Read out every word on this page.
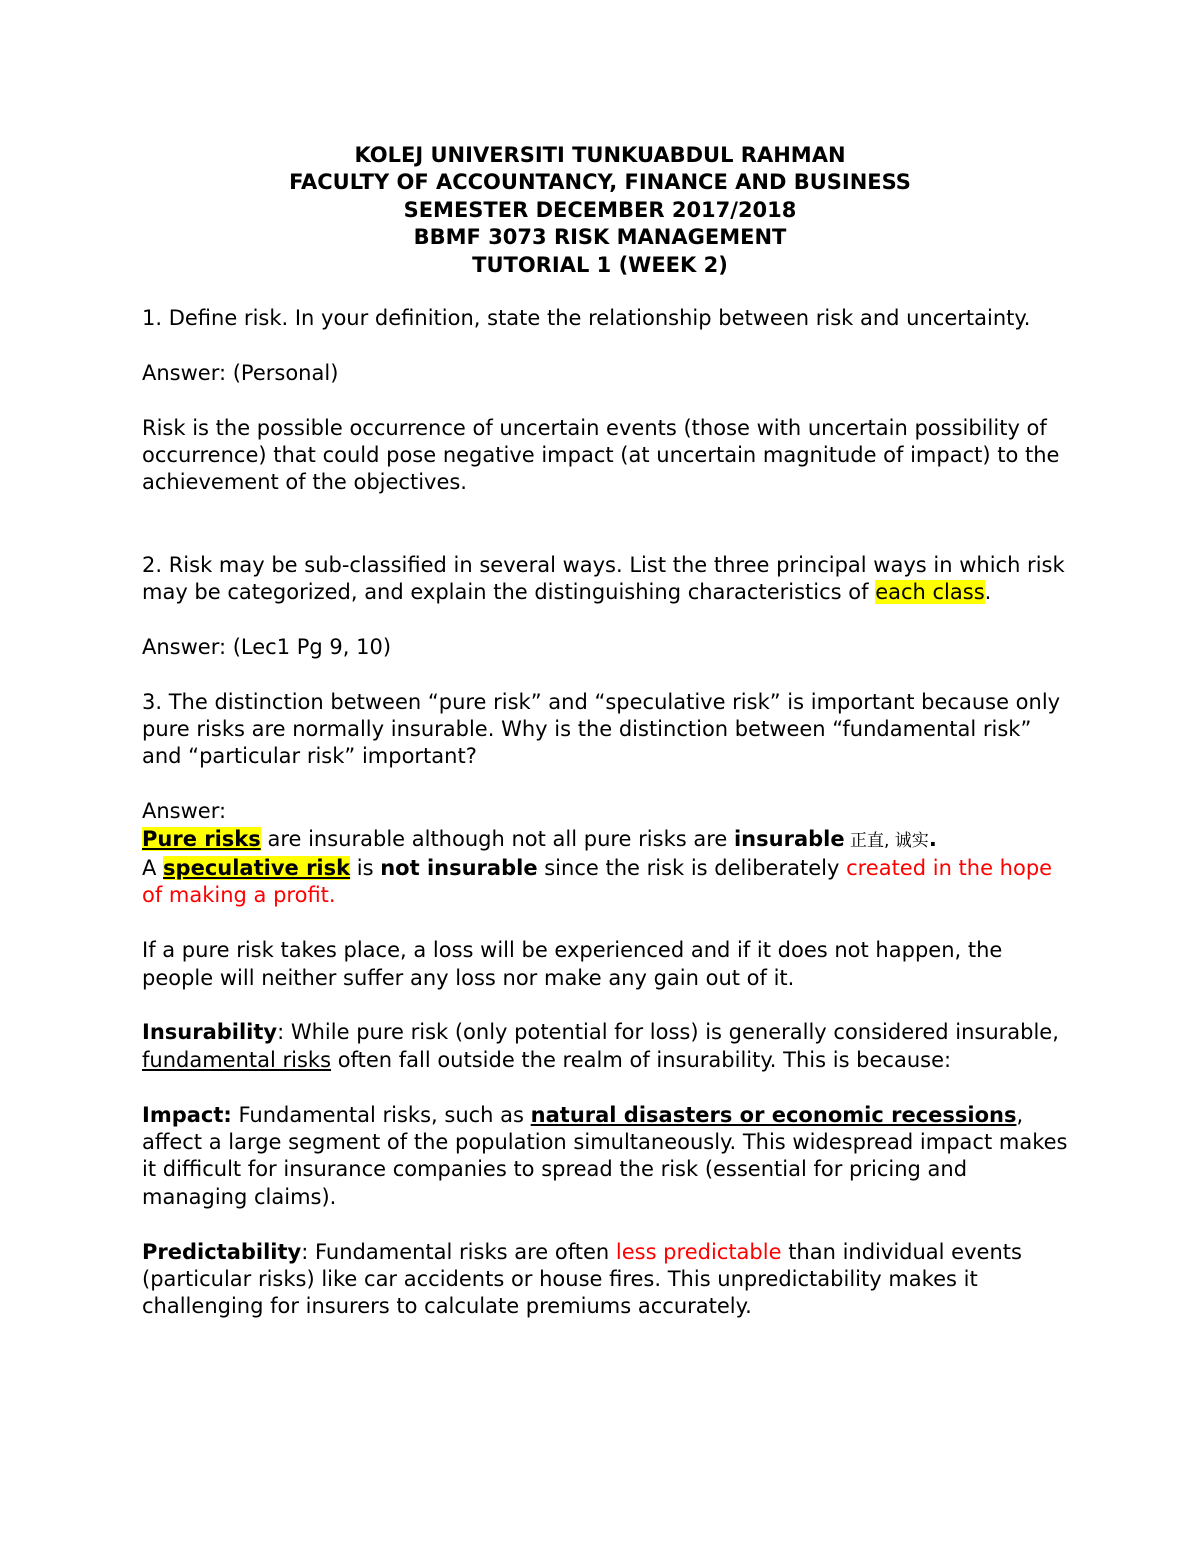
KOLEJ UNIVERSITI TUNKUABDUL RAHMAN
FACULTY OF ACCOUNTANCY, FINANCE AND BUSINESS
SEMESTER DECEMBER 2017/2018
BBMF 3073 RISK MANAGEMENT
TUTORIAL 1 (WEEK 2)

1. Define risk. In your definition, state the relationship between risk and uncertainty.

Answer: (Personal)

Risk is the possible occurrence of uncertain events (those with uncertain possibility of occurrence) that could pose negative impact (at uncertain magnitude of impact) to the achievement of the objectives.

2. Risk may be sub-classified in several ways. List the three principal ways in which risk may be categorized, and explain the distinguishing characteristics of each class.

Answer: (Lec1 Pg 9, 10)

3. The distinction between “pure risk” and “speculative risk” is important because only pure risks are normally insurable. Why is the distinction between “fundamental risk” and “particular risk” important?

Answer:

Pure risks are insurable although not all pure risks are insurable 正直, 诚实.

A speculative risk is not insurable since the risk is deliberately created in the hope of making a profit.

If a pure risk takes place, a loss will be experienced and if it does not happen, the people will neither suffer any loss nor make any gain out of it.

Insurability: While pure risk (only potential for loss) is generally considered insurable, fundamental risks often fall outside the realm of insurability. This is because:

Impact: Fundamental risks, such as natural disasters or economic recessions, affect a large segment of the population simultaneously. This widespread impact makes it difficult for insurance companies to spread the risk (essential for pricing and managing claims).

Predictability: Fundamental risks are often less predictable than individual events (particular risks) like car accidents or house fires. This unpredictability makes it challenging for insurers to calculate premiums accurately.
